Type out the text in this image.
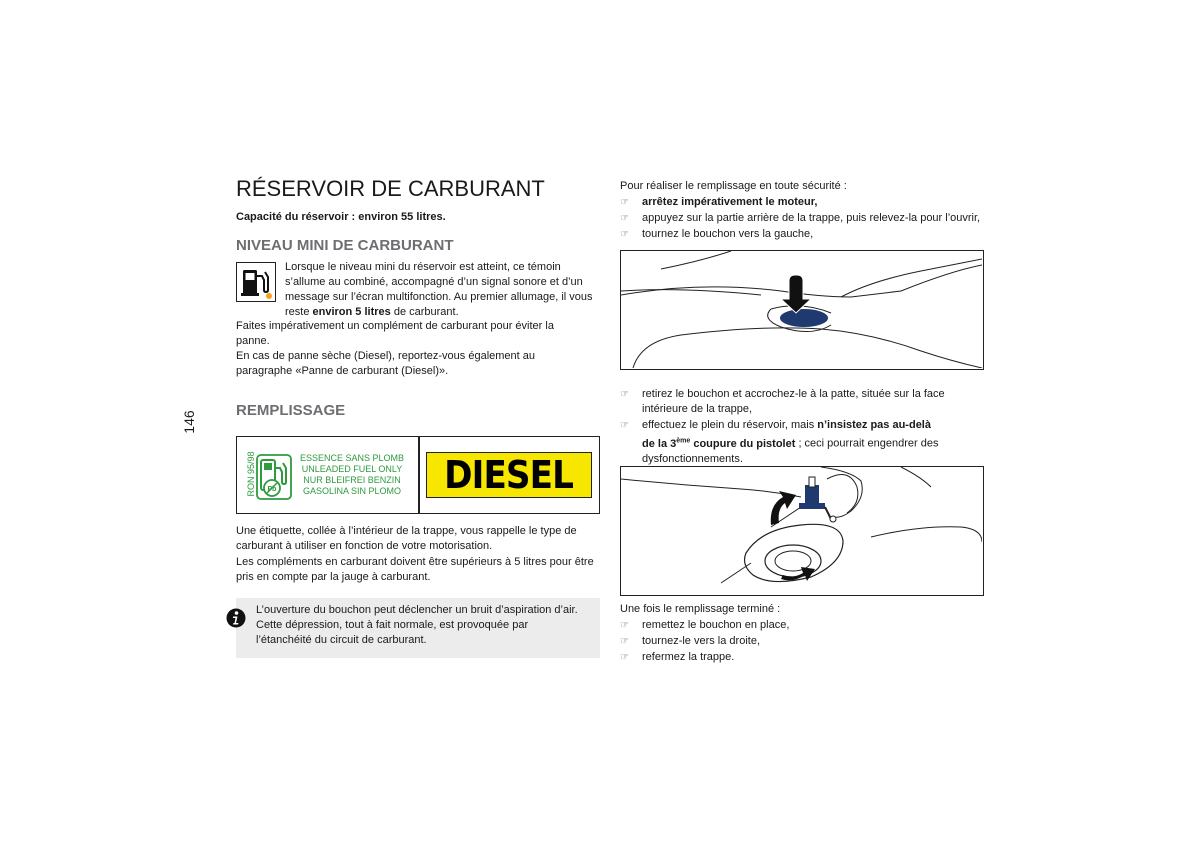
146
RÉSERVOIR DE CARBURANT
Capacité du réservoir : environ 55 litres.
NIVEAU MINI DE CARBURANT
Lorsque le niveau mini du réservoir est atteint, ce témoin s’allume au combiné, accompagné d’un signal sonore et d’un message sur l’écran multifonction. Au premier allumage, il vous reste environ 5 litres de carburant.
Faites impérativement un complément de carburant pour éviter la panne.
En cas de panne sèche (Diesel), reportez-vous également au paragraphe «Panne de carburant (Diesel)».
REMPLISSAGE
RON 95/98 Pb
ESSENCE SANS PLOMB
UNLEADED FUEL ONLY
NUR BLEIFREI BENZIN
GASOLINA SIN PLOMO DIESEL
Une étiquette, collée à l’intérieur de la trappe, vous rappelle le type de carburant à utiliser en fonction de votre motorisation.
Les compléments en carburant doivent être supérieurs à 5 litres pour être pris en compte par la jauge à carburant.
L’ouverture du bouchon peut déclencher un bruit d’aspiration d’air. Cette dépression, tout à fait normale, est provoquée par l’étanchéité du circuit de carburant.
Pour réaliser le remplissage en toute sécurité :
☞	arrêtez impérativement le moteur,
☞	appuyez sur la partie arrière de la trappe, puis relevez-la pour l’ouvrir,
☞	tournez le bouchon vers la gauche,
☞	retirez le bouchon et accrochez-le à la patte, située sur la face intérieure de la trappe,
☞	effectuez le plein du réservoir, mais n’insistez pas au-delà
de la 3ème coupure du pistolet ; ceci pourrait engendrer des dysfonctionnements.
Une fois le remplissage terminé :
☞	remettez le bouchon en place,
☞	tournez-le vers la droite,
☞	refermez la trappe.
